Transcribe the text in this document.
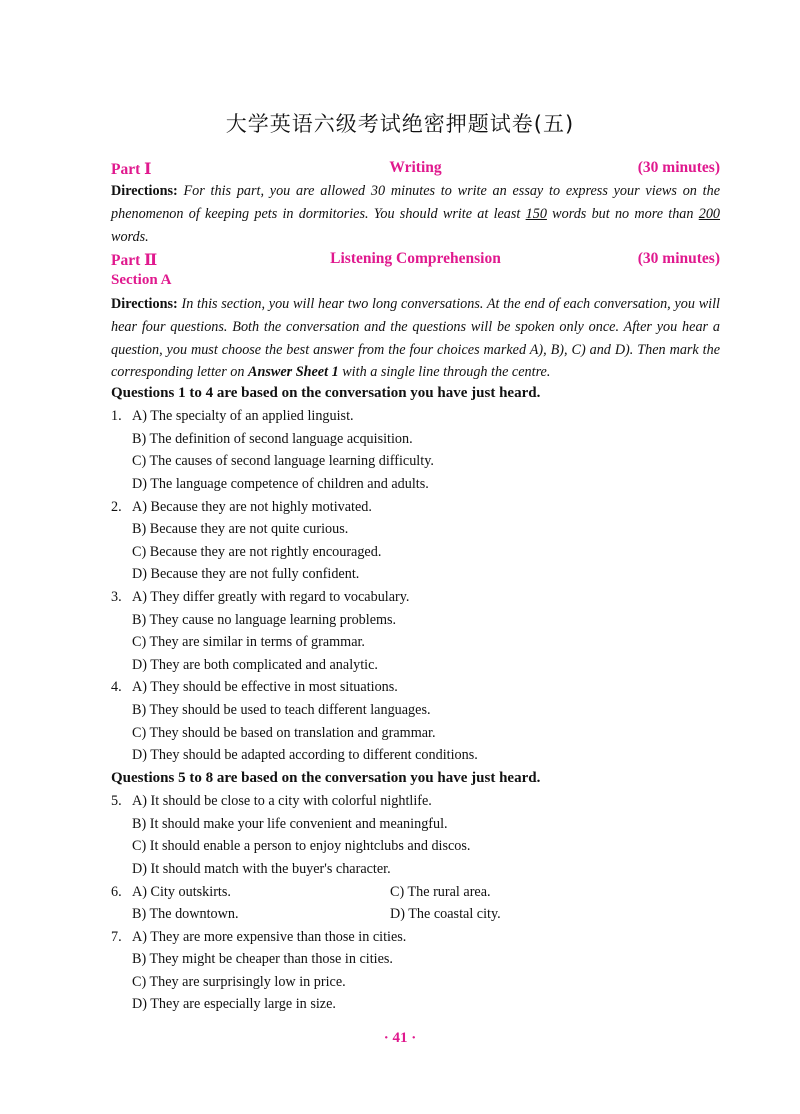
大学英语六级考试绝密押题试卷(五)
Part Ⅰ	Writing	(30 minutes)
Directions: For this part, you are allowed 30 minutes to write an essay to express your views on the phenomenon of keeping pets in dormitories. You should write at least 150 words but no more than 200 words.
Part Ⅱ	Listening Comprehension	(30 minutes)
Section A
Directions: In this section, you will hear two long conversations. At the end of each conversation, you will hear four questions. Both the conversation and the questions will be spoken only once. After you hear a question, you must choose the best answer from the four choices marked A), B), C) and D). Then mark the corresponding letter on Answer Sheet 1 with a single line through the centre.
Questions 1 to 4 are based on the conversation you have just heard.
1. A) The specialty of an applied linguist.
B) The definition of second language acquisition.
C) The causes of second language learning difficulty.
D) The language competence of children and adults.
2. A) Because they are not highly motivated.
B) Because they are not quite curious.
C) Because they are not rightly encouraged.
D) Because they are not fully confident.
3. A) They differ greatly with regard to vocabulary.
B) They cause no language learning problems.
C) They are similar in terms of grammar.
D) They are both complicated and analytic.
4. A) They should be effective in most situations.
B) They should be used to teach different languages.
C) They should be based on translation and grammar.
D) They should be adapted according to different conditions.
Questions 5 to 8 are based on the conversation you have just heard.
5. A) It should be close to a city with colorful nightlife.
B) It should make your life convenient and meaningful.
C) It should enable a person to enjoy nightclubs and discos.
D) It should match with the buyer's character.
6. A) City outskirts.	C) The rural area.
B) The downtown.	D) The coastal city.
7. A) They are more expensive than those in cities.
B) They might be cheaper than those in cities.
C) They are surprisingly low in price.
D) They are especially large in size.
· 41 ·
